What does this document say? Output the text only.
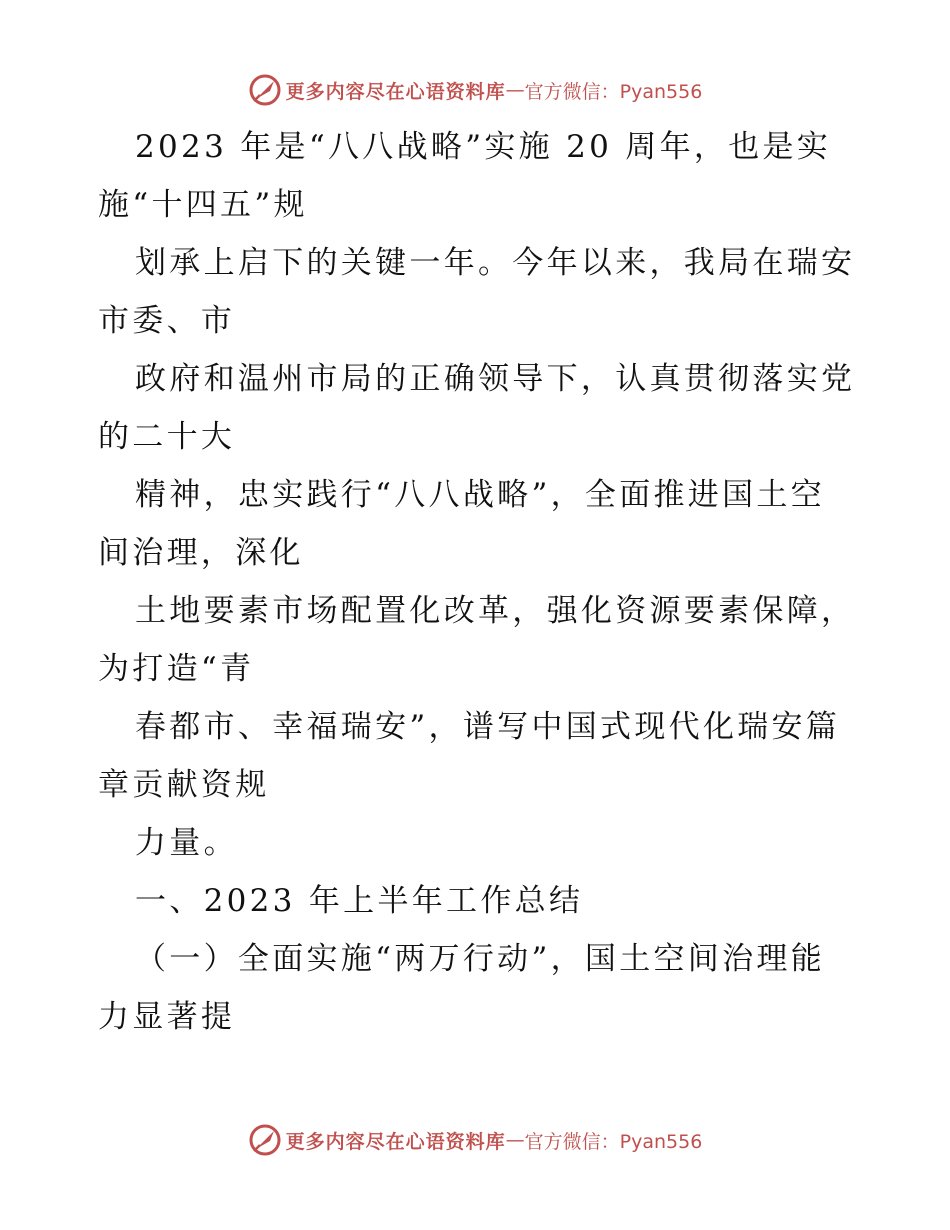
更多内容尽在心语资料库 — 官方微信：Pyan556
2023 年是“八八战略”实施 20 周年，也是实
施“十四五”规
划承上启下的关键一年。今年以来，我局在瑞安
市委、市
政府和温州市局的正确领导下，认真贯彻落实党
的二十大
精神，忠实践行“八八战略”，全面推进国土空
间治理，深化
土地要素市场配置化改革，强化资源要素保障，
为打造“青
春都市、幸福瑞安”，谱写中国式现代化瑞安篇
章贡献资规
力量。
一、2023 年上半年工作总结
（一）全面实施“两万行动”，国土空间治理能
力显著提
更多内容尽在心语资料库 — 官方微信：Pyan556
